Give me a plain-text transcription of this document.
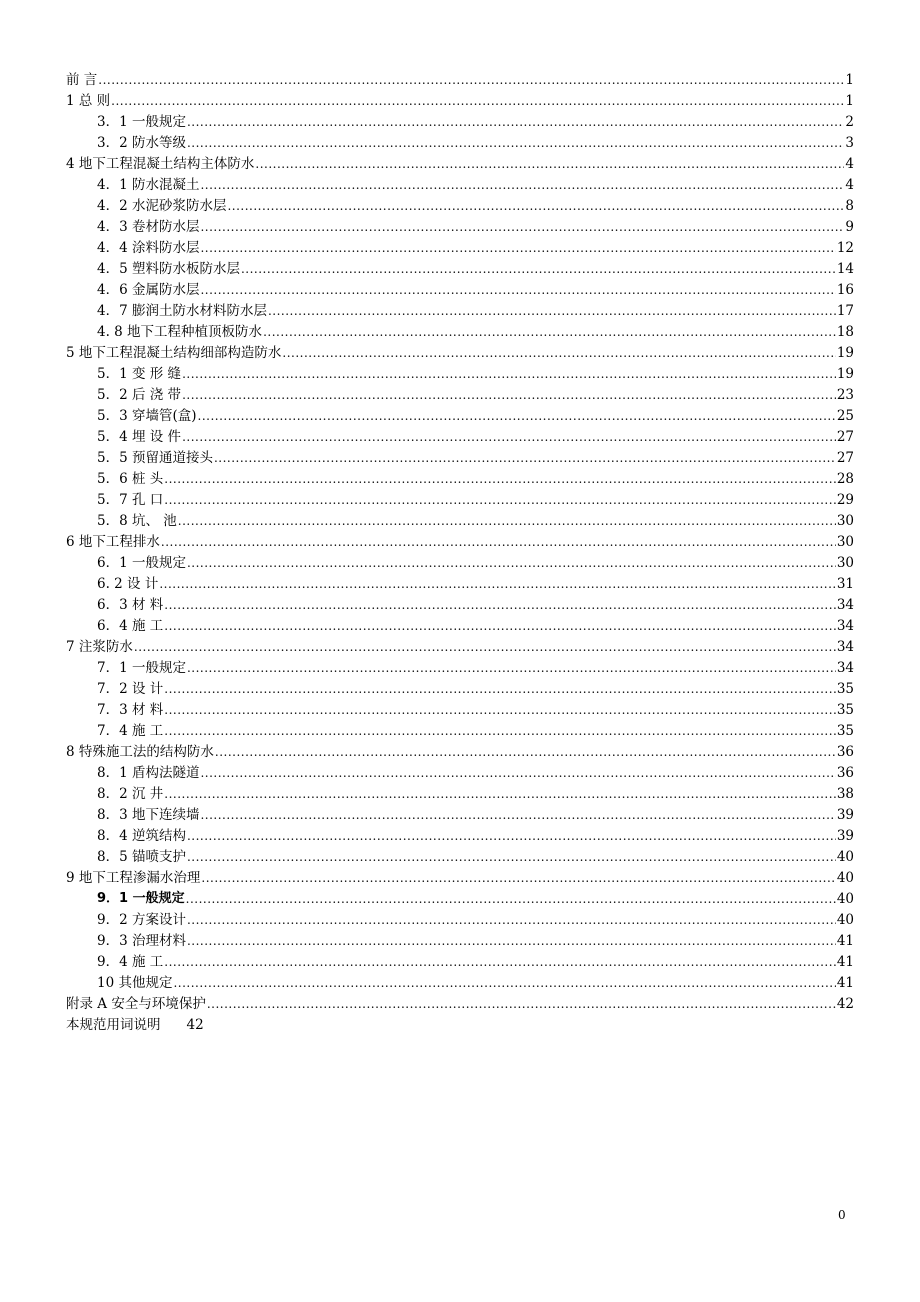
前 言 .....	1
1 总 则 .....	1
3．1 一般规定 .....	2
3．2 防水等级 .....	3
4 地下工程混凝土结构主体防水 .....	4
4．1 防水混凝土 .....	4
4．2 水泥砂浆防水层 .....	8
4．3 卷材防水层 .....	9
4．4 涂料防水层 .....	12
4．5 塑料防水板防水层 .....	14
4．6 金属防水层 .....	16
4．7 膨润土防水材料防水层 .....	17
4. 8 地下工程种植顶板防水 .....	18
5 地下工程混凝土结构细部构造防水 .....	19
5．1 变 形 缝 .....	19
5．2 后 浇 带 .....	23
5．3 穿墙管(盒) .....	25
5．4 埋 设 件 .....	27
5．5 预留通道接头 .....	27
5．6 桩 头 .....	28
5．7 孔 口 .....	29
5．8 坑、 池 .....	30
6 地下工程排水 .....	30
6．1 一般规定 .....	30
6. 2 设 计 .....	31
6．3 材 料 .....	34
6．4 施 工 .....	34
7 注浆防水 .....	34
7．1 一般规定 .....	34
7．2 设 计 .....	35
7．3 材 料 .....	35
7．4 施 工 .....	35
8 特殊施工法的结构防水 .....	36
8．1 盾构法隧道 .....	36
8．2 沉 井 .....	38
8．3 地下连续墙 .....	39
8．4 逆筑结构 .....	39
8．5 锚喷支护 .....	40
9 地下工程渗漏水治理 .....	40
9．1 一般规定 .....	40
9．2 方案设计 .....	40
9．3 治理材料 .....	41
9．4 施 工 .....	41
10 其他规定 .....	41
附录 A 安全与环境保护 .....	42
本规范用词说明 42
0
